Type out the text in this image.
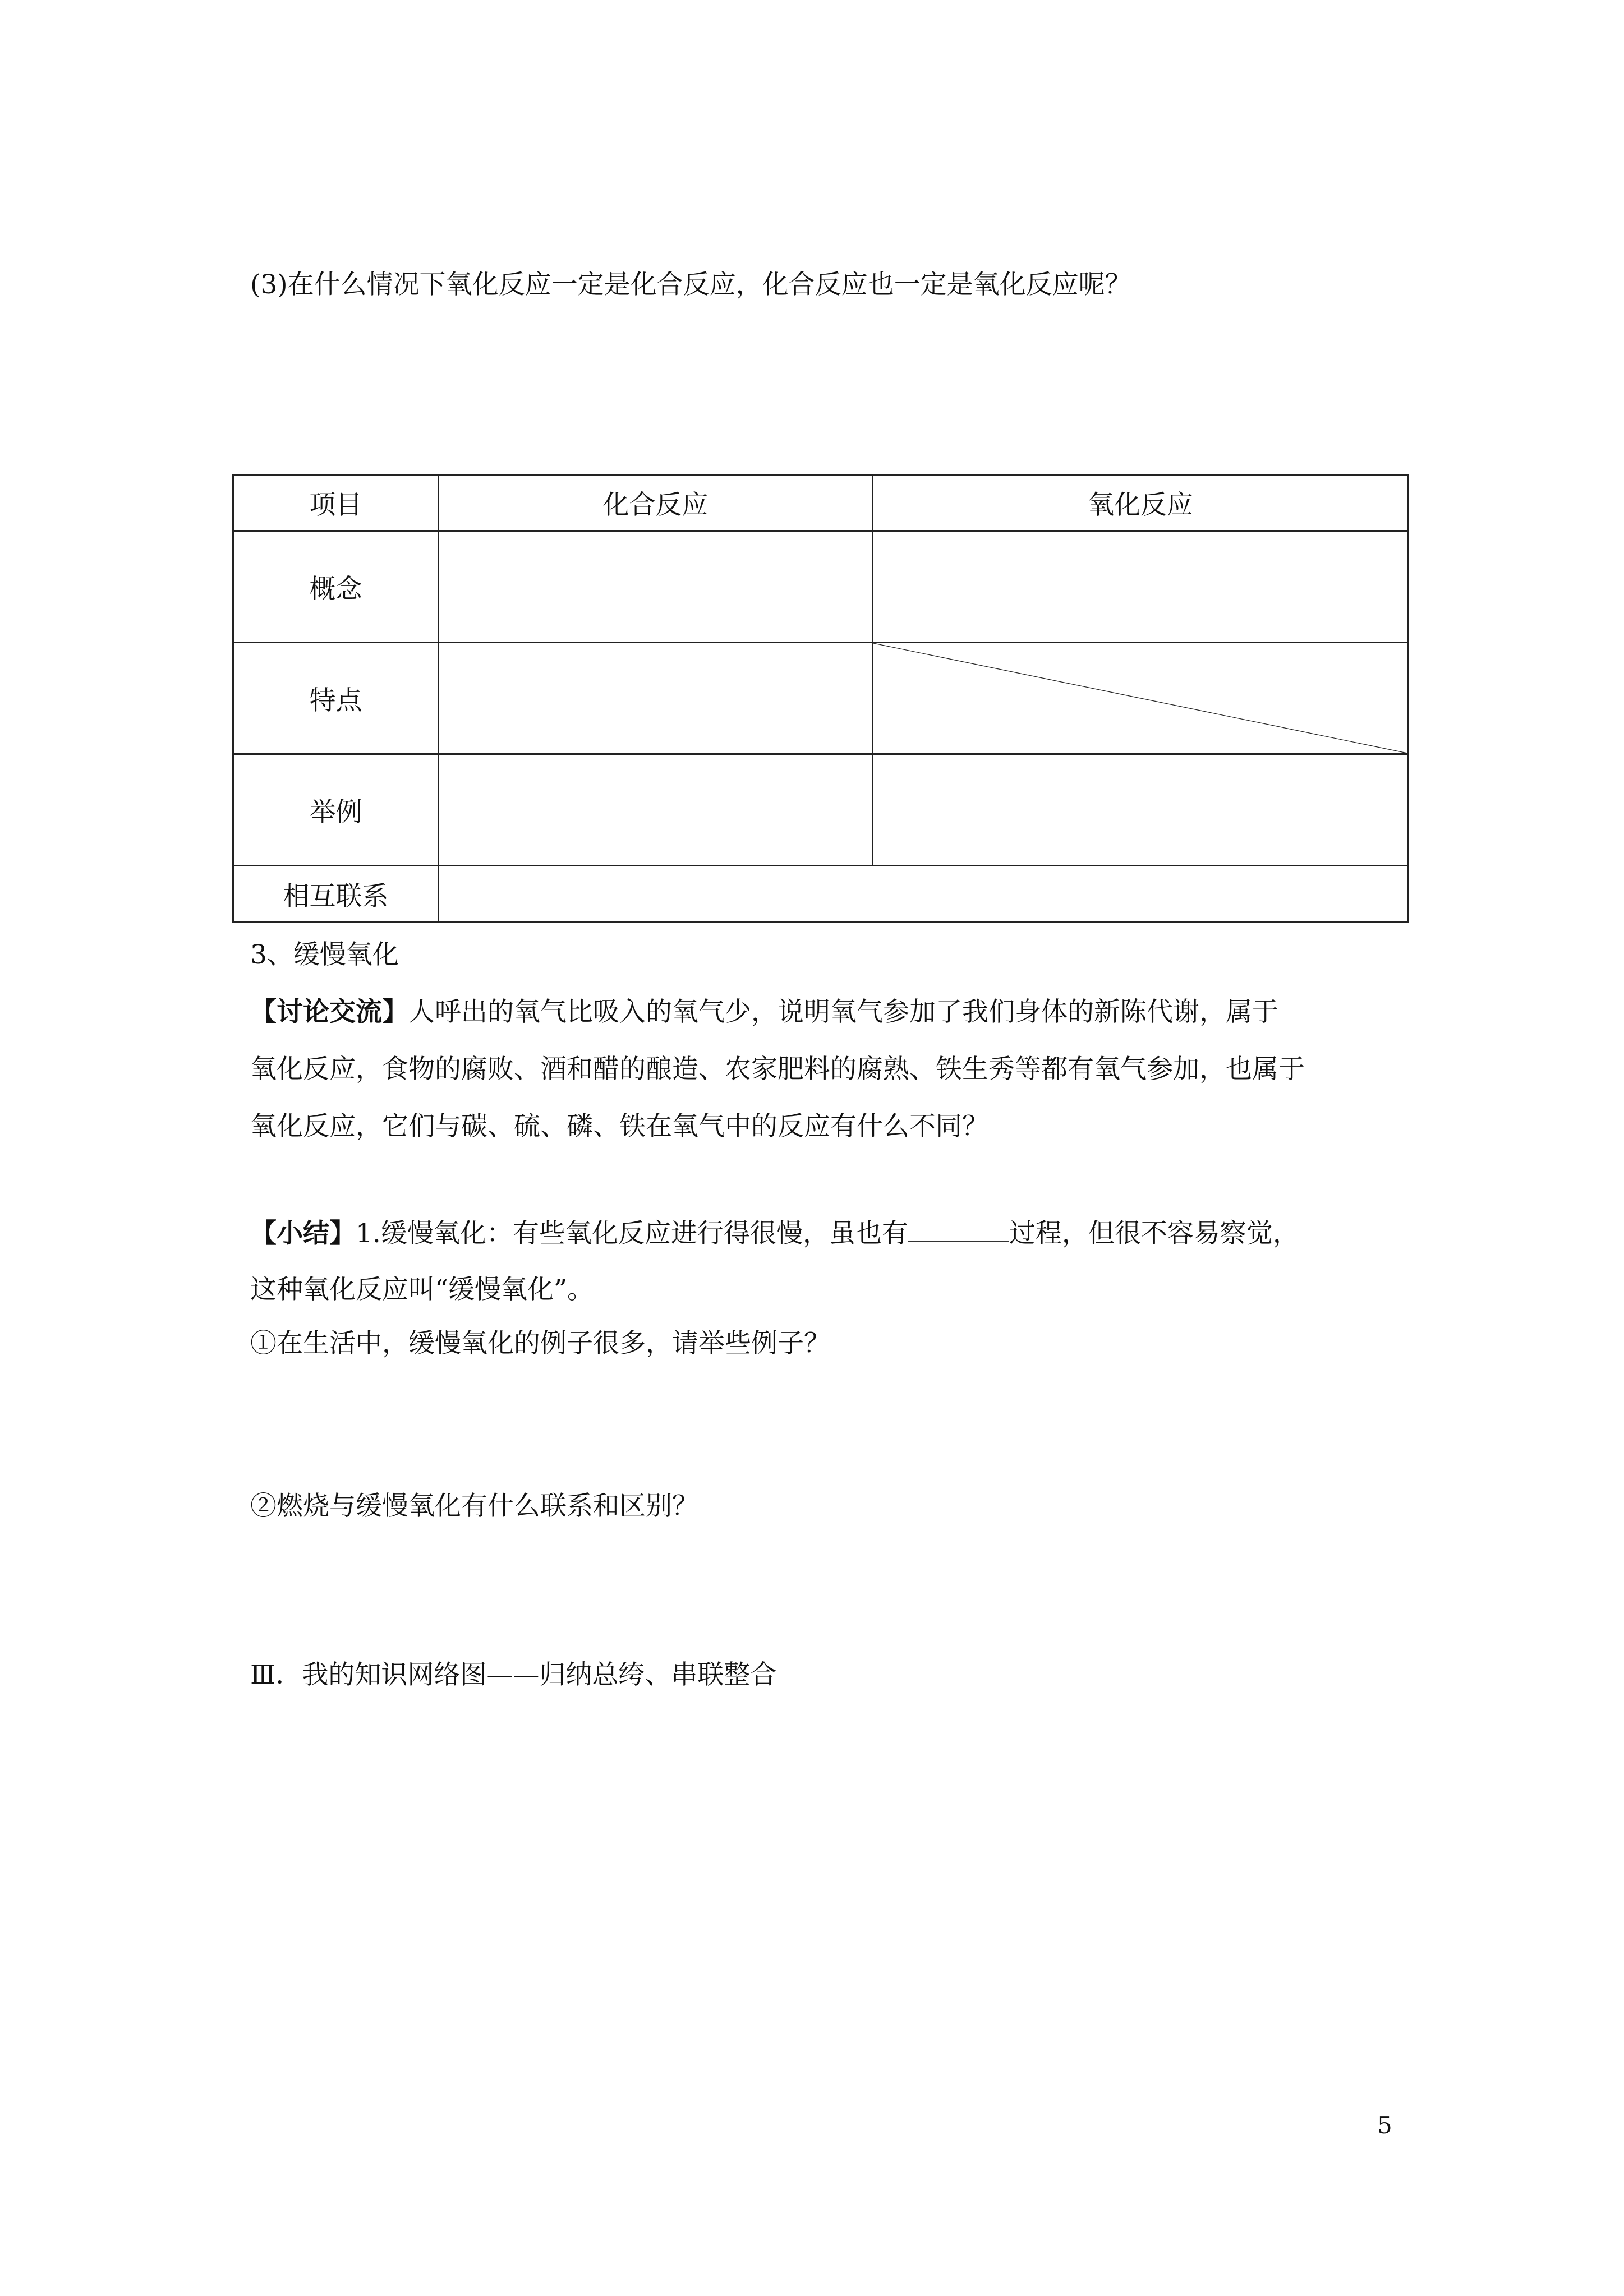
(3)在什么情况下氧化反应一定是化合反应，化合反应也一定是氧化反应呢？

项目	化合反应	氧化反应
概念		
特点		

举例		
相互联系		

3、缓慢氧化

【讨论交流】人呼出的氧气比吸入的氧气少，说明氧气参加了我们身体的新陈代谢，属于

氧化反应，食物的腐败、酒和醋的酿造、农家肥料的腐熟、铁生秀等都有氧气参加，也属于

氧化反应，它们与碳、硫、磷、铁在氧气中的反应有什么不同？

【小结】1.缓慢氧化：有些氧化反应进行得很慢，虽也有	过程，但很不容易察觉，

这种氧化反应叫“缓慢氧化”。

①在生活中，缓慢氧化的例子很多，请举些例子？

②燃烧与缓慢氧化有什么联系和区别？

Ⅲ．我的知识网络图——归纳总绔、串联整合

5
